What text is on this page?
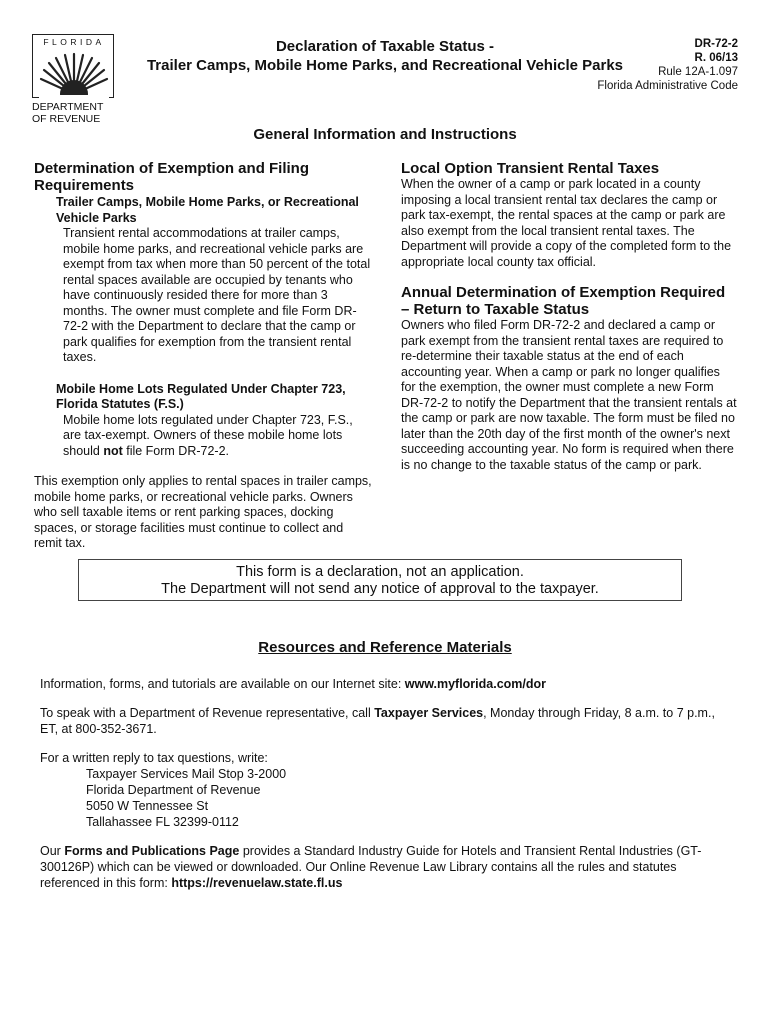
FLORIDA
DEPARTMENT
OF REVENUE
Declaration of Taxable Status -
Trailer Camps, Mobile Home Parks, and Recreational Vehicle Parks
DR-72-2
R. 06/13
Rule 12A-1.097
Florida Administrative Code
General Information and Instructions
Determination of Exemption and Filing Requirements
Trailer Camps, Mobile Home Parks, or Recreational Vehicle Parks
Transient rental accommodations at trailer camps, mobile home parks, and recreational vehicle parks are exempt from tax when more than 50 percent of the total rental spaces available are occupied by tenants who have continuously resided there for more than 3 months. The owner must complete and file Form DR-72-2 with the Department to declare that the camp or park qualifies for exemption from the transient rental taxes.
Mobile Home Lots Regulated Under Chapter 723, Florida Statutes (F.S.)
Mobile home lots regulated under Chapter 723, F.S., are tax-exempt. Owners of these mobile home lots should not file Form DR-72-2.
This exemption only applies to rental spaces in trailer camps, mobile home parks, or recreational vehicle parks. Owners who sell taxable items or rent parking spaces, docking spaces, or storage facilities must continue to collect and remit tax.
Local Option Transient Rental Taxes
When the owner of a camp or park located in a county imposing a local transient rental tax declares the camp or park tax-exempt, the rental spaces at the camp or park are also exempt from the local transient rental taxes. The Department will provide a copy of the completed form to the appropriate local county tax official.
Annual Determination of Exemption Required – Return to Taxable Status
Owners who filed Form DR-72-2 and declared a camp or park exempt from the transient rental taxes are required to re-determine their taxable status at the end of each accounting year. When a camp or park no longer qualifies for the exemption, the owner must complete a new Form DR-72-2 to notify the Department that the transient rentals at the camp or park are now taxable. The form must be filed no later than the 20th day of the first month of the owner's next succeeding accounting year. No form is required when there is no change to the taxable status of the camp or park.
This form is a declaration, not an application.
The Department will not send any notice of approval to the taxpayer.
Resources and Reference Materials

Information, forms, and tutorials are available on our Internet site: www.myflorida.com/dor

To speak with a Department of Revenue representative, call Taxpayer Services, Monday through Friday, 8 a.m. to 7 p.m., ET, at 800-352-3671.

For a written reply to tax questions, write:
Taxpayer Services Mail Stop 3-2000
Florida Department of Revenue
5050 W Tennessee St
Tallahassee FL 32399-0112

Our Forms and Publications Page provides a Standard Industry Guide for Hotels and Transient Rental Industries (GT-300126P) which can be viewed or downloaded. Our Online Revenue Law Library contains all the rules and statutes referenced in this form: https://revenuelaw.state.fl.us
